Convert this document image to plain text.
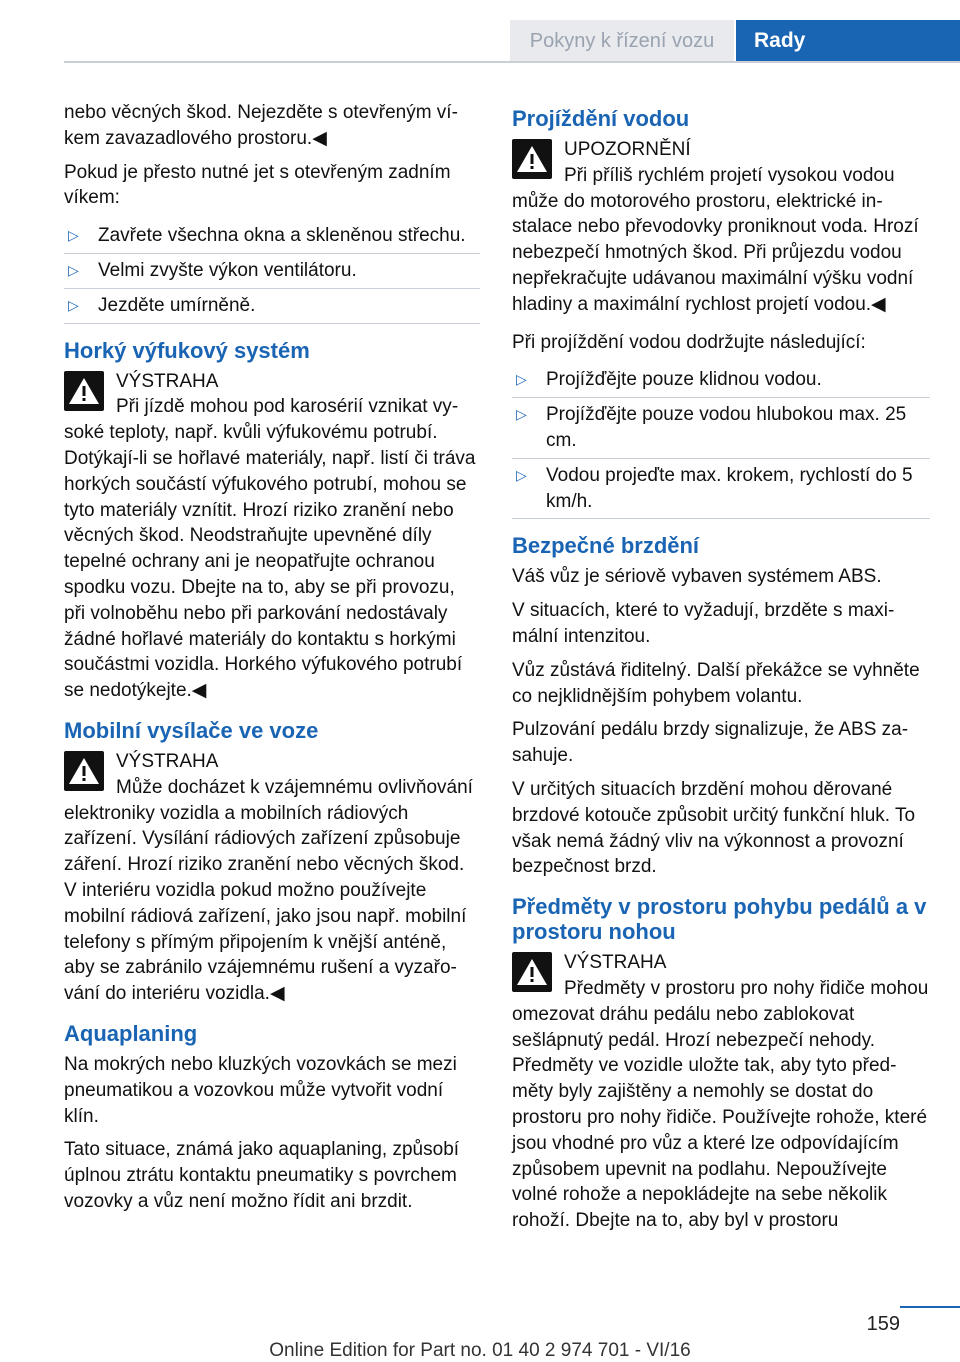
Pokyny k řízení vozu	Rady

nebo věcných škod. Nejezděte s otevřeným víkem zavazadlového prostoru.◀

Pokud je přesto nutné jet s otevřeným zadním víkem:

▷ Zavřete všechna okna a skleněnou střechu.
▷ Velmi zvyšte výkon ventilátoru.
▷ Jezděte umírněně.
Horký výfukový systém
VÝSTRAHA
Při jízdě mohou pod karosérií vznikat vysoké teploty, např. kvůli výfukovému potrubí. Dotýkají-li se hořlavé materiály, např. listí či tráva horkých součástí výfukového potrubí, mohou se tyto materiály vznítit. Hrozí riziko zranění nebo věcných škod. Neodstraňujte upevněné díly tepelné ochrany ani je neopatřujte ochranou spodku vozu. Dbejte na to, aby se při provozu, při volnoběhu nebo při parkování nedostávaly žádné hořlavé materiály do kontaktu s horkými součástmi vozidla. Horkého výfukového potrubí se nedotýkejte.◀
Mobilní vysílače ve voze
VÝSTRAHA
Může docházet k vzájemnému ovlivňování elektroniky vozidla a mobilních rádiových zařízení. Vysílání rádiových zařízení způsobuje záření. Hrozí riziko zranění nebo věcných škod. V interiéru vozidla pokud možno používejte mobilní rádiová zařízení, jako jsou např. mobilní telefony s přímým připojením k vnější anténě, aby se zabránilo vzájemnému rušení a vyzařování do interiéru vozidla.◀
Aquaplaning

Na mokrých nebo kluzkých vozovkách se mezi pneumatikou a vozovkou může vytvořit vodní klín.

Tato situace, známá jako aquaplaning, způsobí úplnou ztrátu kontaktu pneumatiky s povrchem vozovky a vůz není možno řídit ani brzdit.

Projíždění vodou
UPOZORNĚNÍ
Při příliš rychlém projetí vysokou vodou může do motorového prostoru, elektrické instalace nebo převodovky proniknout voda. Hrozí nebezpečí hmotných škod. Při průjezdu vodou nepřekračujte udávanou maximální výšku vodní hladiny a maximální rychlost projetí vodou.◀

Při projíždění vodou dodržujte následující:

▷ Projížďějte pouze klidnou vodou.
▷ Projížďějte pouze vodou hlubokou max. 25 cm.
▷ Vodou projeďte max. krokem, rychlostí do 5 km/h.
Bezpečné brzdění

Váš vůz je sériově vybaven systémem ABS.

V situacích, které to vyžadují, brzděte s maximální intenzitou.

Vůz zůstává řiditelný. Další překážce se vyhněte co nejklidnějším pohybem volantu.

Pulzování pedálu brzdy signalizuje, že ABS zasahuje.

V určitých situacích brzdění mohou děrované brzdové kotouče způsobit určitý funkční hluk. To však nemá žádný vliv na výkonnost a provozní bezpečnost brzd.

Předměty v prostoru pohybu pedálů a v prostoru nohou
VÝSTRAHA
Předměty v prostoru pro nohy řidiče mohou omezovat dráhu pedálu nebo zablokovat sešlápnutý pedál. Hrozí nebezpečí nehody. Předměty ve vozidle uložte tak, aby tyto předměty byly zajištěny a nemohly se dostat do prostoru pro nohy řidiče. Používejte rohože, které jsou vhodné pro vůz a které lze odpovídajícím způsobem upevnit na podlahu. Nepoužívejte volné rohože a nepokládejte na sebe několik rohoží. Dbejte na to, aby byl v prostoru
159
Online Edition for Part no. 01 40 2 974 701 - VI/16
